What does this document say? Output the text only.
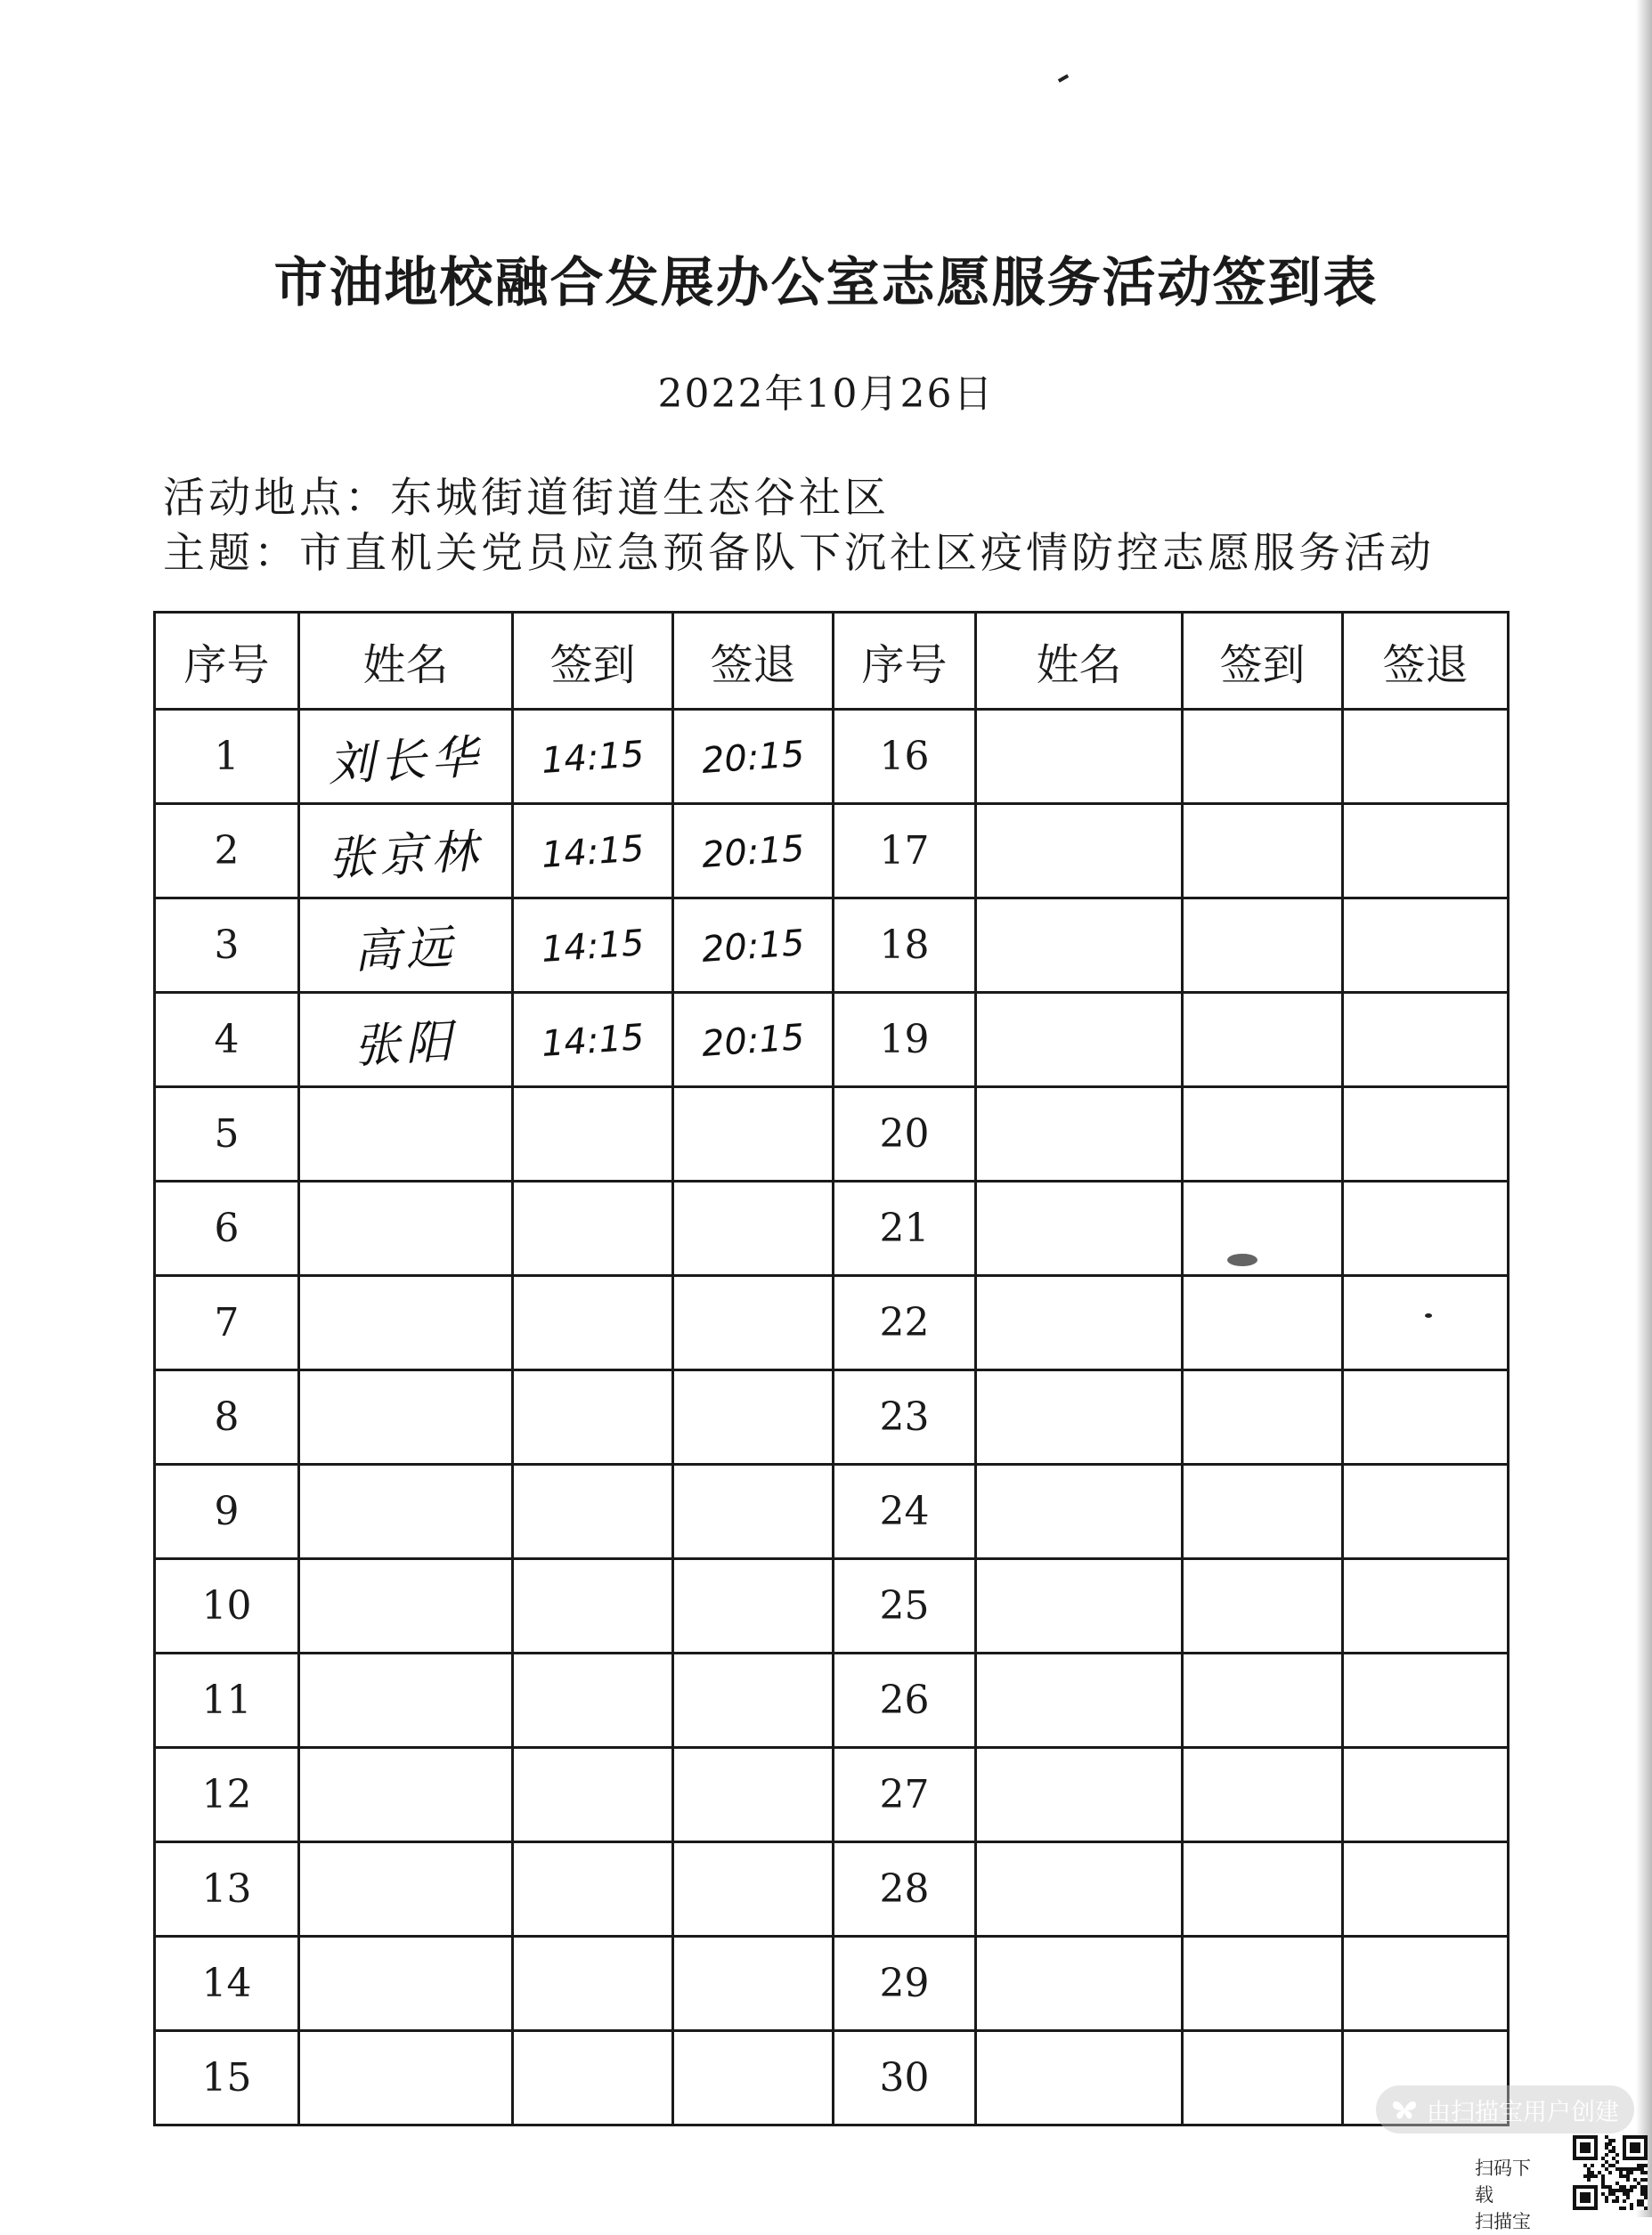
市油地校融合发展办公室志愿服务活动签到表
2022年10月26日
活动地点：东城街道街道生态谷社区
主题：市直机关党员应急预备队下沉社区疫情防控志愿服务活动
序号	姓名	签到	签退	序号	姓名	签到	签退
1	刘长华	14:15	20:15	16			
2	张京林	14:15	20:15	17			
3	高远	14:15	20:15	18			
4	张阳	14:15	20:15	19			
5				20			
6				21			
7				22			
8				23			
9				24			
10				25			
11				26			
12				27			
13				28			
14				29			
15				30			
由扫描宝用户创建
扫码下载
扫描宝
